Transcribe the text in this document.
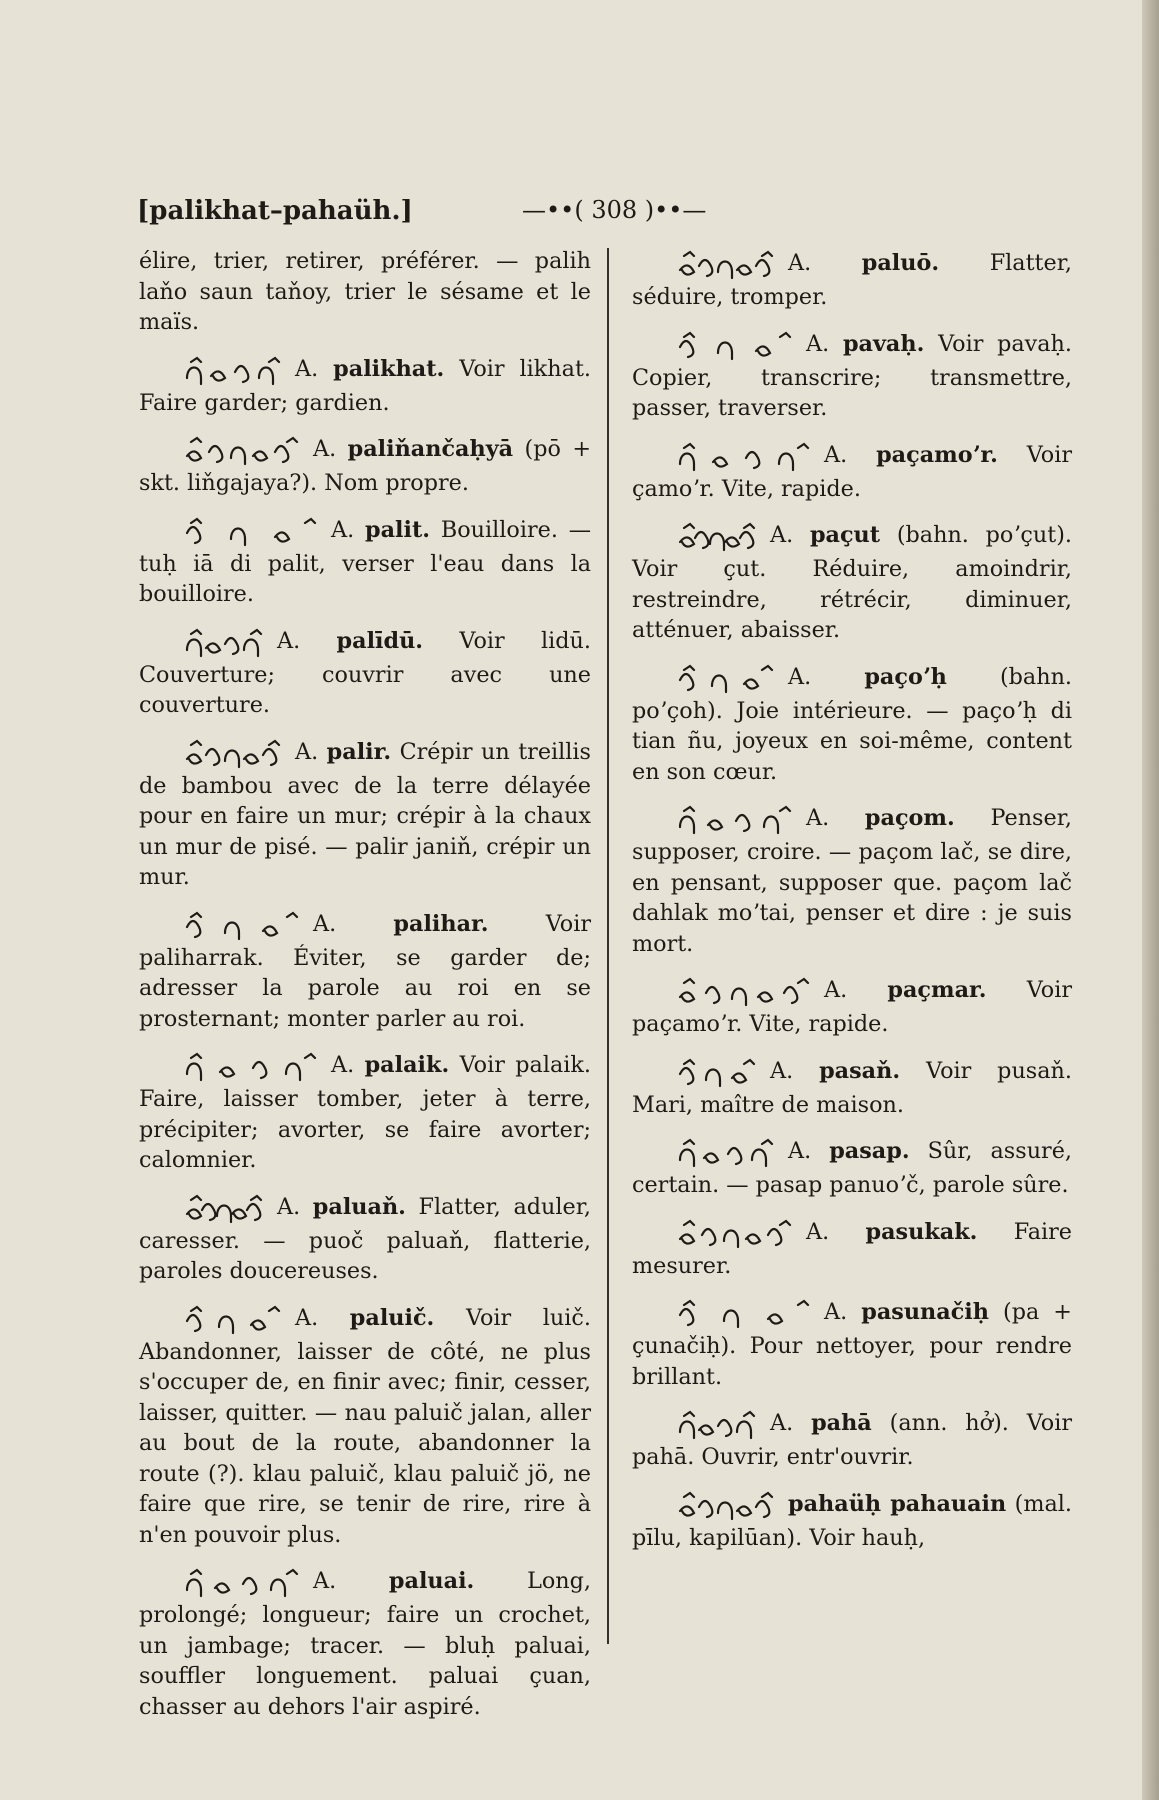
[palikhat–pahaüh.]	—••( 308 )••—

élire, trier, retirer, préférer. — palih laňo saun taňoy, trier le sésame et le maïs.

A. palikhat. Voir likhat. Faire garder; gardien.

A. paliňančaḥyā (pō + skt. liňgajaya?). Nom propre.

A. palit. Bouilloire. — tuḥ iā di palit, verser l'eau dans la bouilloire.

A. palīdū. Voir lidū. Couverture; couvrir avec une couverture.

A. palir. Crépir un treillis de bambou avec de la terre délayée pour en faire un mur; crépir à la chaux un mur de pisé. — palir janiň, crépir un mur.

A. palihar.	Voir paliharrak. Éviter, se garder de; adresser la parole au roi en se prosternant; monter parler au roi.

A. palaik. Voir palaik. Faire, laisser tomber, jeter à terre, précipiter; avorter, se faire avorter; calomnier.

A. paluaň. Flatter, aduler, caresser. — puoč paluaň, flatterie, paroles doucereuses.

A. paluič. Voir luič. Abandonner, laisser de côté, ne plus s'occuper de, en finir avec; finir, cesser, laisser, quitter. — nau paluič jalan, aller au bout de la route, abandonner la route (?). klau paluič, klau paluič jö, ne faire que rire, se tenir de rire, rire à n'en pouvoir plus.

A. paluai. Long, prolongé; longueur; faire un crochet, un jambage; tracer. — bluḥ paluai, souffler longuement. paluai çuan, chasser au dehors l'air aspiré.

A. paluō. Flatter, séduire, tromper.

A. pavaḥ. Voir pavaḥ. Copier, transcrire; transmettre, passer, traverser.

A. paçamoʼr. Voir çamoʼr. Vite, rapide.

A. paçut (bahn. poʼçut). Voir çut. Réduire, amoindrir, restreindre, rétrécir, diminuer, atténuer, abaisser.

A. paçoʼḥ (bahn. poʼçoh). Joie intérieure. — paçoʼḥ di tian ñu, joyeux en soi-même, content en son cœur.

A. paçom. Penser, supposer, croire. — paçom lač, se dire, en pensant, supposer que. paçom lač dahlak moʼtai, penser et dire : je suis mort.

A. paçmar. Voir paçamoʼr. Vite, rapide.

A. pasaň. Voir pusaň. Mari, maître de maison.

A. pasap. Sûr, assuré, certain. — pasap panuoʼč, parole sûre.

A. pasukak. Faire mesurer.

A. pasunačiḥ (pa + çunačiḥ). Pour nettoyer, pour rendre brillant.

A. pahā (ann. hở). Voir pahā. Ouvrir, entr'ouvrir.

pahaüḥ pahauain (mal. pīlu, kapilūan). Voir hauḥ,
